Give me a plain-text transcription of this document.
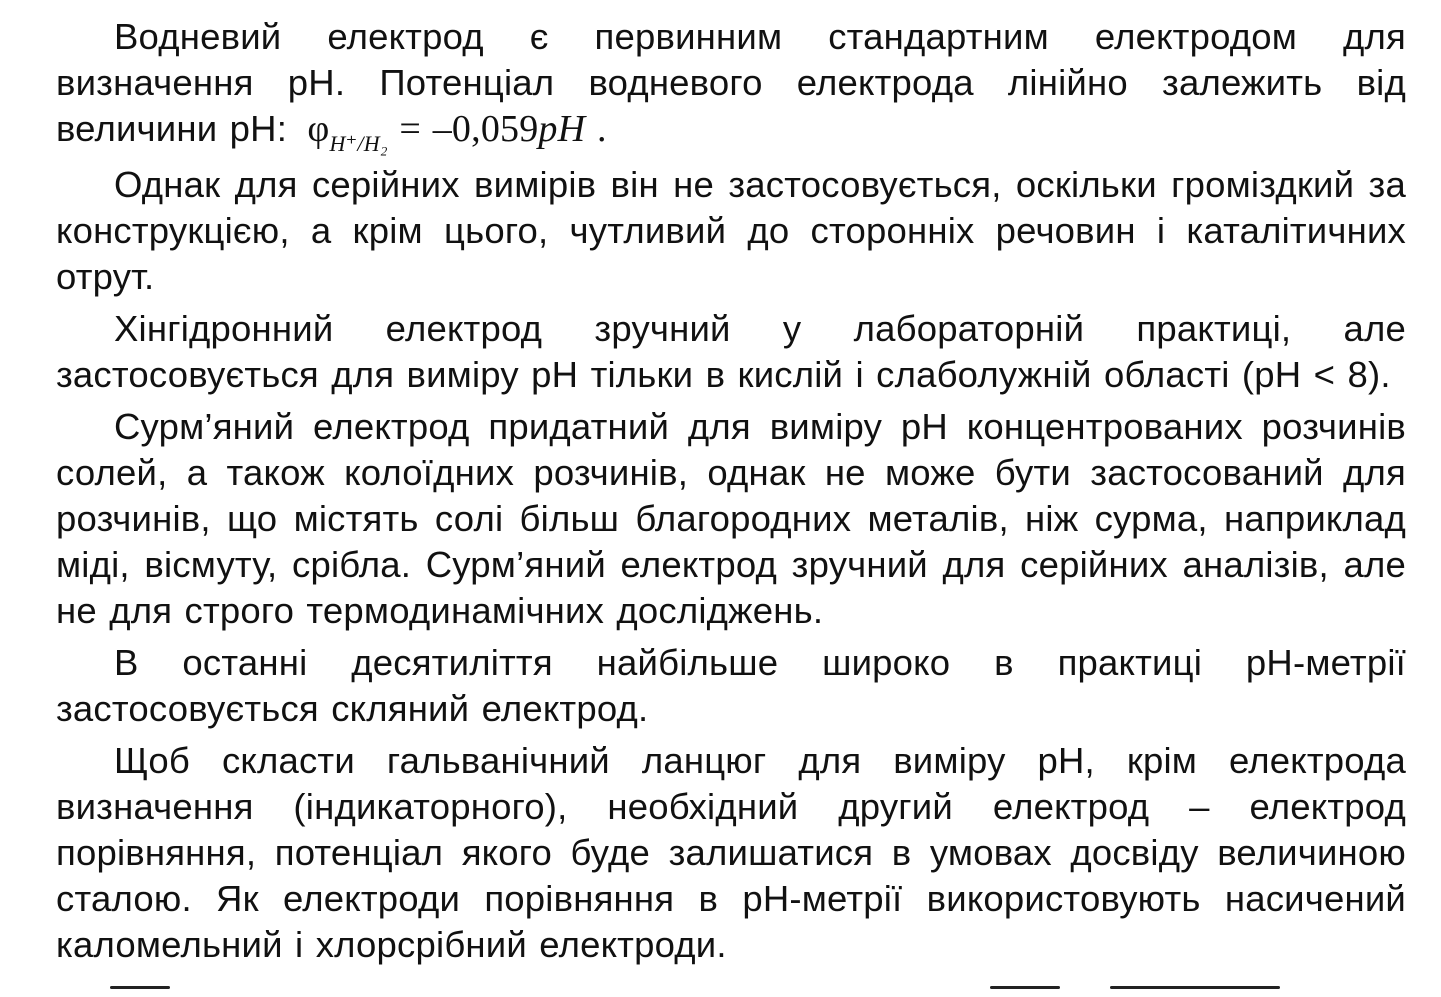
Водневий електрод є первинним стандартним електродом для визначення pH. Потенціал водневого електрода лінійно залежить від величини pH: $\varphi_{H^+/H_2} = -0,059pH$ .

Однак для серійних вимірів він не застосовується, оскільки громіздкий за конструкцією, а крім цього, чутливий до сторонніх речовин і каталітичних отрут.

Хінгідронний електрод зручний у лабораторній практиці, але застосовується для виміру pH тільки в кислій і слаболужній області (pH < 8).

Сурм’яний електрод придатний для виміру pH концентрованих розчинів солей, а також колоїдних розчинів, однак не може бути застосований для розчинів, що містять солі більш благородних металів, ніж сурма, наприклад міді, вісмуту, срібла. Сурм’яний електрод зручний для серійних аналізів, але не для строго термодинамічних досліджень.

В останні десятиліття найбільше широко в практиці pH-метрії застосовується скляний електрод.

Щоб скласти гальванічний ланцюг для виміру pH, крім електрода визначення (індикаторного), необхідний другий електрод – електрод порівняння, потенціал якого буде залишатися в умовах досвіду величиною сталою. Як електроди порівняння в pH-метрії використовують насичений каломельний і хлорсрібний електроди.
